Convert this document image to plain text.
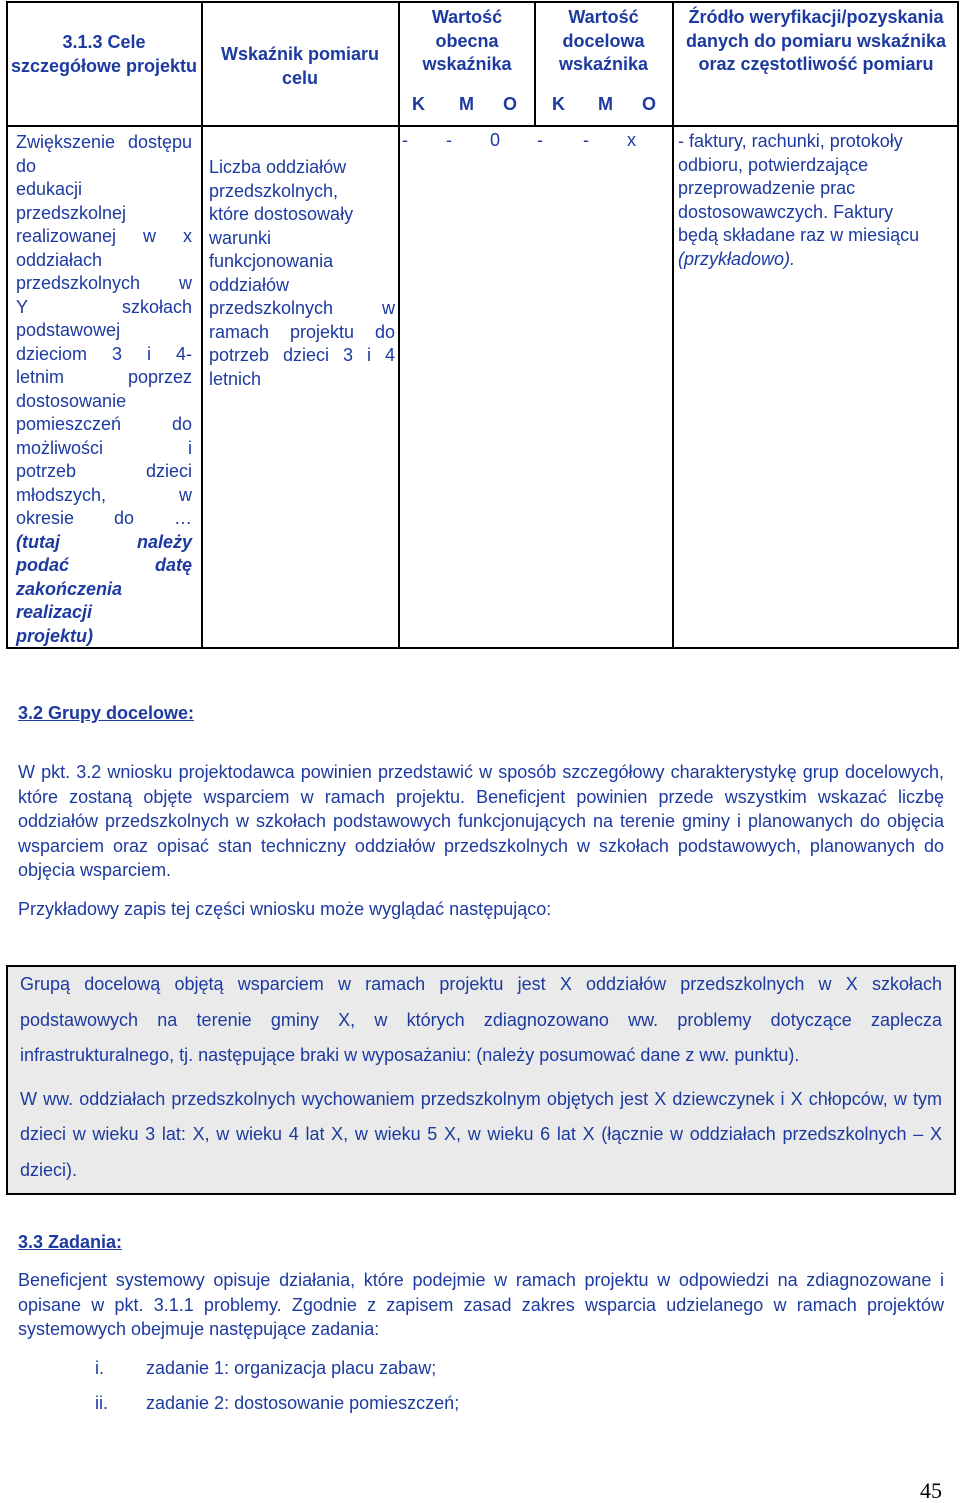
3.1.3 Cele szczegółowe projektu
Wskaźnik pomiaru celu
Wartość obecna wskaźnika
Wartość docelowa wskaźnika
Źródło weryfikacji/pozyskania danych do pomiaru wskaźnika oraz częstotliwość pomiaru
K M O K M O
Zwiększenie dostępu do
edukacji
przedszkolnej
realizowanej w x
oddziałach
przedszkolnych w
Y szkołach
podstawowej
dzieciom 3 i 4-
letnim poprzez
dostosowanie
pomieszczeń do
możliwości i
potrzeb dzieci
młodszych, w
okresie do …
(tutaj należy
podać datę
zakończenia
realizacji
projektu)
Liczba oddziałów
przedszkolnych,
które dostosowały
warunki
funkcjonowania
oddziałów
przedszkolnych w
ramach projektu do
potrzeb dzieci 3 i 4
letnich
- - 0 - - x - faktury, rachunki, protokoły
odbioru, potwierdzające
przeprowadzenie prac
dostosowawczych. Faktury
będą składane raz w miesiącu
(przykładowo).
3.2 Grupy docelowe:
W pkt. 3.2 wniosku projektodawca powinien przedstawić w sposób szczegółowy charakterystykę grup docelowych, które zostaną objęte wsparciem w ramach projektu. Beneficjent powinien przede wszystkim wskazać liczbę oddziałów przedszkolnych w szkołach podstawowych funkcjonujących na terenie gminy i planowanych do objęcia wsparciem oraz opisać stan techniczny oddziałów przedszkolnych w szkołach podstawowych, planowanych do objęcia wsparciem.
Przykładowy zapis tej części wniosku może wyglądać następująco:

Grupą docelową objętą wsparciem w ramach projektu jest X oddziałów przedszkolnych w X szkołach podstawowych na terenie gminy X, w których zdiagnozowano ww. problemy dotyczące zaplecza infrastrukturalnego, tj. następujące braki w wyposażaniu: (należy posumować dane z ww. punktu).

W ww. oddziałach przedszkolnych wychowaniem przedszkolnym objętych jest X dziewczynek i X chłopców, w tym dzieci w wieku 3 lat: X, w wieku 4 lat X, w wieku 5 X, w wieku 6 lat X (łącznie w oddziałach przedszkolnych – X dzieci).

3.3 Zadania:
Beneficjent systemowy opisuje działania, które podejmie w ramach projektu w odpowiedzi na zdiagnozowane i opisane w pkt. 3.1.1 problemy. Zgodnie z zapisem zasad zakres wsparcia udzielanego w ramach projektów systemowych obejmuje następujące zadania:
i. zadanie 1: organizacja placu zabaw;
ii. zadanie 2: dostosowanie pomieszczeń;
45
